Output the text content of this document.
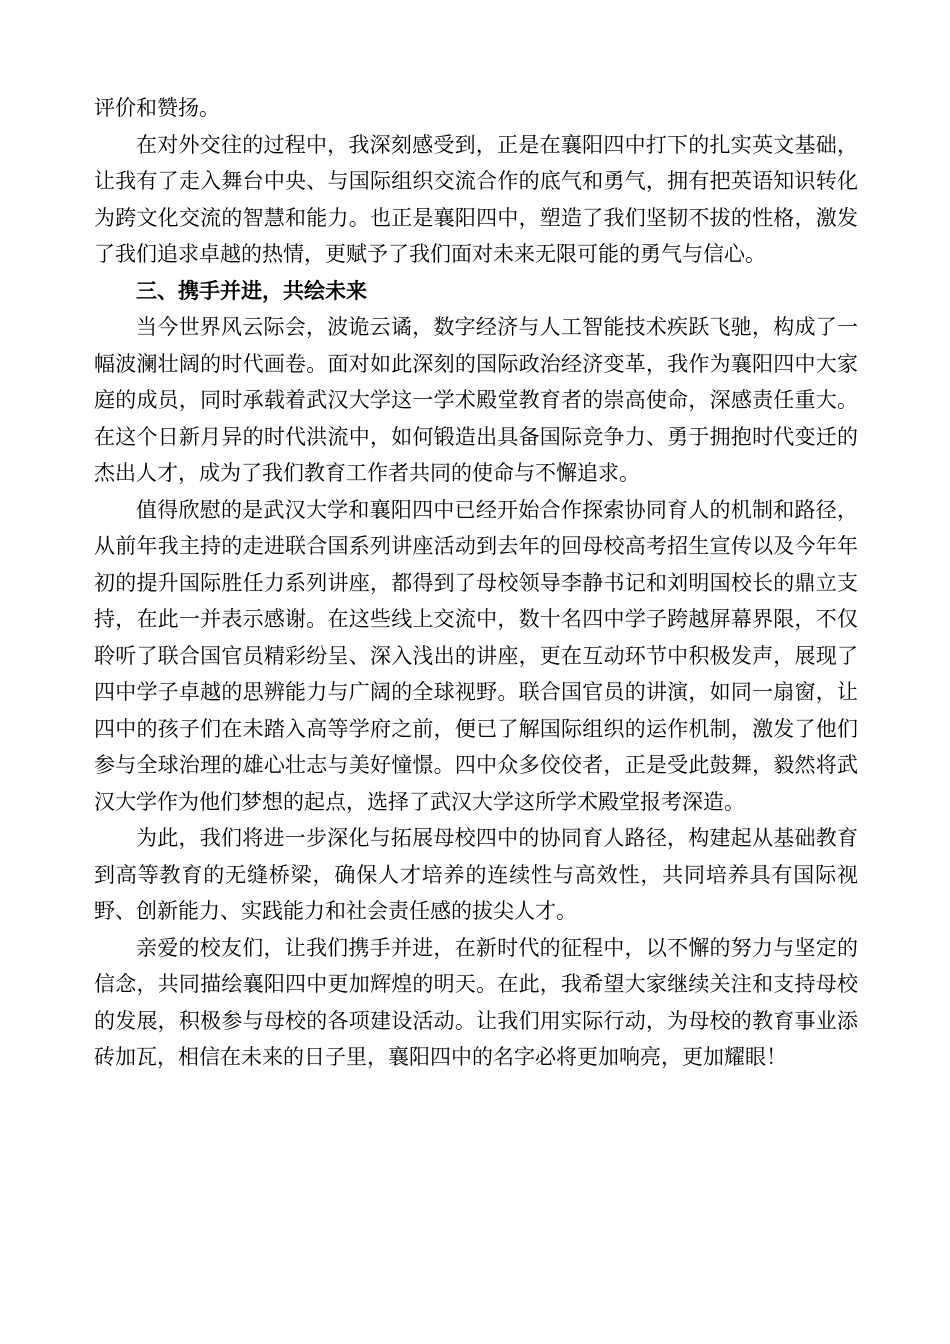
评价和赞扬。

在对外交往的过程中，我深刻感受到，正是在襄阳四中打下的扎实英文基础，让我有了走入舞台中央、与国际组织交流合作的底气和勇气，拥有把英语知识转化为跨文化交流的智慧和能力。也正是襄阳四中，塑造了我们坚韧不拔的性格，激发了我们追求卓越的热情，更赋予了我们面对未来无限可能的勇气与信心。

三、携手并进，共绘未来

当今世界风云际会，波诡云谲，数字经济与人工智能技术疾跃飞驰，构成了一幅波澜壮阔的时代画卷。面对如此深刻的国际政治经济变革，我作为襄阳四中大家庭的成员，同时承载着武汉大学这一学术殿堂教育者的崇高使命，深感责任重大。在这个日新月异的时代洪流中，如何锻造出具备国际竞争力、勇于拥抱时代变迁的杰出人才，成为了我们教育工作者共同的使命与不懈追求。

值得欣慰的是武汉大学和襄阳四中已经开始合作探索协同育人的机制和路径，从前年我主持的走进联合国系列讲座活动到去年的回母校高考招生宣传以及今年年初的提升国际胜任力系列讲座，都得到了母校领导李静书记和刘明国校长的鼎立支持，在此一并表示感谢。在这些线上交流中，数十名四中学子跨越屏幕界限，不仅聆听了联合国官员精彩纷呈、深入浅出的讲座，更在互动环节中积极发声，展现了四中学子卓越的思辨能力与广阔的全球视野。联合国官员的讲演，如同一扇窗，让四中的孩子们在未踏入高等学府之前，便已了解国际组织的运作机制，激发了他们参与全球治理的雄心壮志与美好憧憬。四中众多佼佼者，正是受此鼓舞，毅然将武汉大学作为他们梦想的起点，选择了武汉大学这所学术殿堂报考深造。

为此，我们将进一步深化与拓展母校四中的协同育人路径，构建起从基础教育到高等教育的无缝桥梁，确保人才培养的连续性与高效性，共同培养具有国际视野、创新能力、实践能力和社会责任感的拔尖人才。

亲爱的校友们，让我们携手并进，在新时代的征程中，以不懈的努力与坚定的信念，共同描绘襄阳四中更加辉煌的明天。在此，我希望大家继续关注和支持母校的发展，积极参与母校的各项建设活动。让我们用实际行动，为母校的教育事业添砖加瓦，相信在未来的日子里，襄阳四中的名字必将更加响亮，更加耀眼！
